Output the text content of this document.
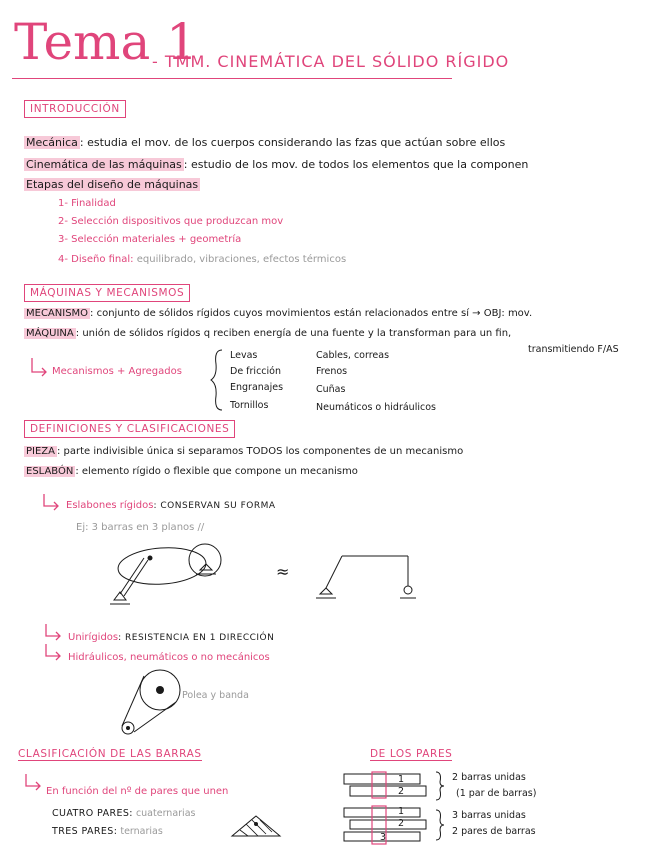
Tema 1
- TMM. CINEMÁTICA DEL SÓLIDO RÍGIDO
INTRODUCCIÓN
Mecánica : estudia el mov. de los cuerpos considerando las fzas que actúan sobre ellos
Cinemática de las máquinas : estudio de los mov. de todos los elementos que la componen
Etapas del diseño de máquinas
1- Finalidad
2- Selección dispositivos que produzcan mov
3- Selección materiales + geometría
4- Diseño final: equilibrado, vibraciones, efectos térmicos
MÁQUINAS Y MECANISMOS
MECANISMO : conjunto de sólidos rígidos cuyos movimientos están relacionados entre sí → OBJ: mov.
MÁQUINA : unión de sólidos rígidos q reciben energía de una fuente y la transforman para un fin,
transmitiendo F/AS
Mecanismos + Agregados
Levas
De fricción
Engranajes
Tornillos
Cables, correas
Frenos
Cuñas
Neumáticos o hidráulicos
DEFINICIONES Y CLASIFICACIONES
PIEZA : parte indivisible única si separamos TODOS los componentes de un mecanismo
ESLABÓN : elemento rígido o flexible que compone un mecanismo
Eslabones rígidos: CONSERVAN SU FORMA
Ej: 3 barras en 3 planos //
≈
Unirígidos: RESISTENCIA EN 1 DIRECCIÓN
Hidráulicos, neumáticos o no mecánicos
Polea y banda
CLASIFICACIÓN DE LAS BARRAS	DE LOS PARES
En función del nº de pares que unen
CUATRO PARES: cuaternarias
TRES PARES: ternarias
1
2
2 barras unidas
(1 par de barras)
1
2
3
3 barras unidas
2 pares de barras
